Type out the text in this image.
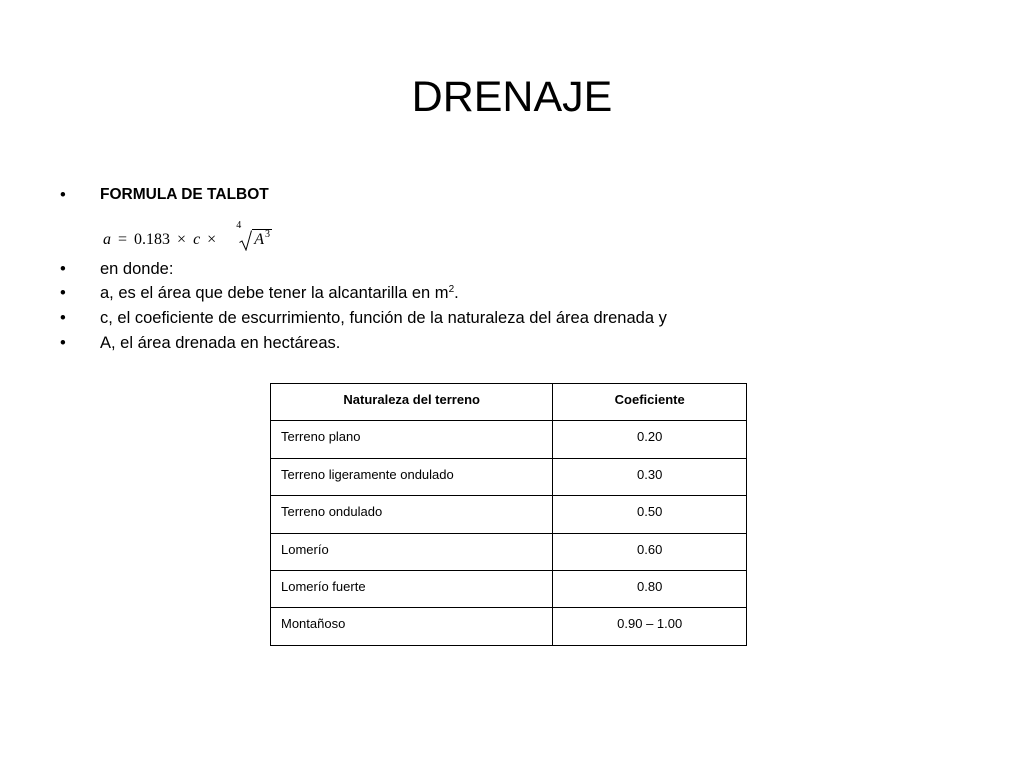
DRENAJE
• FORMULA DE TALBOT
a = 0.183 × c ×
4
$A^3$
• en donde:
• a, es el área que debe tener la alcantarilla en $m^2$.
• c, el coeficiente de escurrimiento, función de la naturaleza del área drenada y
• A, el área drenada en hectáreas.
Naturaleza del terreno	Coeficiente
Terreno plano	0.20
Terreno ligeramente ondulado	0.30
Terreno ondulado	0.50
Lomerío	0.60
Lomerío fuerte	0.80
Montañoso	0.90 – 1.00
